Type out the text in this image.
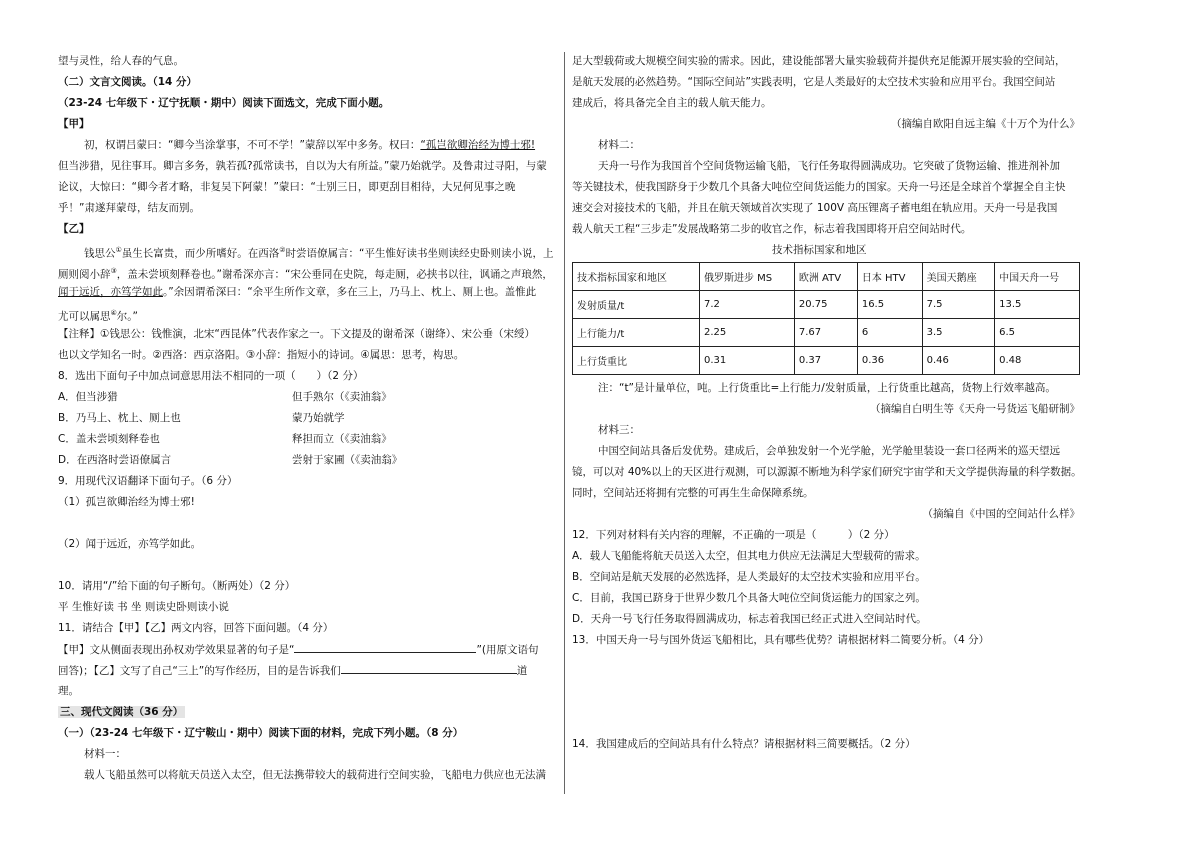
望与灵性，给人春的气息。
（二）文言文阅读。（14 分）
（23-24 七年级下・辽宁抚顺・期中）阅读下面选文，完成下面小题。
【甲】
初，权谓吕蒙曰：“卿今当涂掌事，不可不学！”蒙辞以军中多务。权曰：“孤岂欲卿治经为博士邪!
但当涉猎，见往事耳。卿言多务，孰若孤?孤常读书，自以为大有所益。”蒙乃始就学。及鲁肃过寻阳，与蒙
论议，大惊曰：“卿今者才略，非复吴下阿蒙！”蒙曰：“士别三日，即更刮目相待，大兄何见事之晚
乎！”肃遂拜蒙母，结友而别。
【乙】
钱思公①虽生长富贵，而少所嗜好。在西洛②时尝语僚属言：“平生惟好读书坐则读经史卧则读小说，上
厕则阅小辞③，盖未尝顷刻释卷也。”谢希深亦言：“宋公垂同在史院，每走厕，必挟书以往，讽诵之声琅然，
闻于远近，亦笃学如此。”余因谓希深曰：“余平生所作文章，多在三上，乃马上、枕上、厕上也。盖惟此
尤可以属思④尔。”
【注释】①钱思公：钱惟演，北宋“西昆体”代表作家之一。下文提及的谢希深（谢绛）、宋公垂（宋绶）
也以文学知名一时。②西洛：西京洛阳。③小辞：指短小的诗词。④属思：思考，构思。
8．选出下面句子中加点词意思用法不相同的一项（　　）（2 分）
A．但当涉猎	但手熟尔（《卖油翁》
B．乃马上、枕上、厕上也	蒙乃始就学
C．盖未尝顷刻释卷也	释担而立（《卖油翁》
D．在西洛时尝语僚属言	尝射于家圃（《卖油翁》
9．用现代汉语翻译下面句子。（6 分）
（1）孤岂欲卿治经为博士邪!
（2）闻于远近，亦笃学如此。
10．请用“/”给下面的句子断句。（断两处）（2 分）
平 生惟好读 书 坐 则读史卧则读小说
11．请结合【甲】【乙】两文内容，回答下面问题。（4 分）
【甲】文从侧面表现出孙权劝学效果显著的句子是“	”(用原文语句
回答)；【乙】文写了自己“三上”的写作经历，目的是告诉我们	道
理。
三、现代文阅读（36 分）
（一）（23-24 七年级下・辽宁鞍山・期中）阅读下面的材料，完成下列小题。（8 分）
材料一：
载人飞船虽然可以将航天员送入太空，但无法携带较大的载荷进行空间实验，飞船电力供应也无法满
足大型载荷或大规模空间实验的需求。因此，建设能部署大量实验载荷并提供充足能源开展实验的空间站，
是航天发展的必然趋势。“国际空间站”实践表明，它是人类最好的太空技术实验和应用平台。我国空间站
建成后，将具备完全自主的载人航天能力。
（摘编自欧阳自远主编《十万个为什么》
材料二：
天舟一号作为我国首个空间货物运输飞船，飞行任务取得圆满成功。它突破了货物运输、推进剂补加
等关键技术，使我国跻身于少数几个具备大吨位空间货运能力的国家。天舟一号还是全球首个掌握全自主快
速交会对接技术的飞船，并且在航天领域首次实现了 100V 高压锂离子蓄电组在轨应用。天舟一号是我国
载人航天工程“三步走”发展战略第二步的收官之作，标志着我国即将开启空间站时代。
技术指标国家和地区
技术指标国家和地区	俄罗斯进步 MS	欧洲 ATV	日本 HTV	美国天鹅座	中国天舟一号
发射质量/t	7.2	20.75	16.5	7.5	13.5
上行能力/t	2.25	7.67	6	3.5	6.5
上行货重比	0.31	0.37	0.36	0.46	0.48
注：“t”是计量单位，吨。上行货重比=上行能力/发射质量，上行货重比越高，货物上行效率越高。
（摘编自白明生等《天舟一号货运飞船研制》
材料三：
中国空间站具备后发优势。建成后，会单独发射一个光学舱，光学舱里装设一套口径两米的巡天望远
镜，可以对 40%以上的天区进行观测，可以源源不断地为科学家们研究宇宙学和天文学提供海量的科学数据。
同时，空间站还将拥有完整的可再生生命保障系统。
（摘编自《中国的空间站什么样》
12．下列对材料有关内容的理解，不正确的一项是（　　　）（2 分）
A．载人飞船能将航天员送入太空，但其电力供应无法满足大型载荷的需求。
B．空间站是航天发展的必然选择，是人类最好的太空技术实验和应用平台。
C．目前，我国已跻身于世界少数几个具备大吨位空间货运能力的国家之列。
D．天舟一号飞行任务取得圆满成功，标志着我国已经正式进入空间站时代。
13．中国天舟一号与国外货运飞船相比，具有哪些优势？请根据材料二简要分析。（4 分）
14．我国建成后的空间站具有什么特点？请根据材料三简要概括。（2 分）
